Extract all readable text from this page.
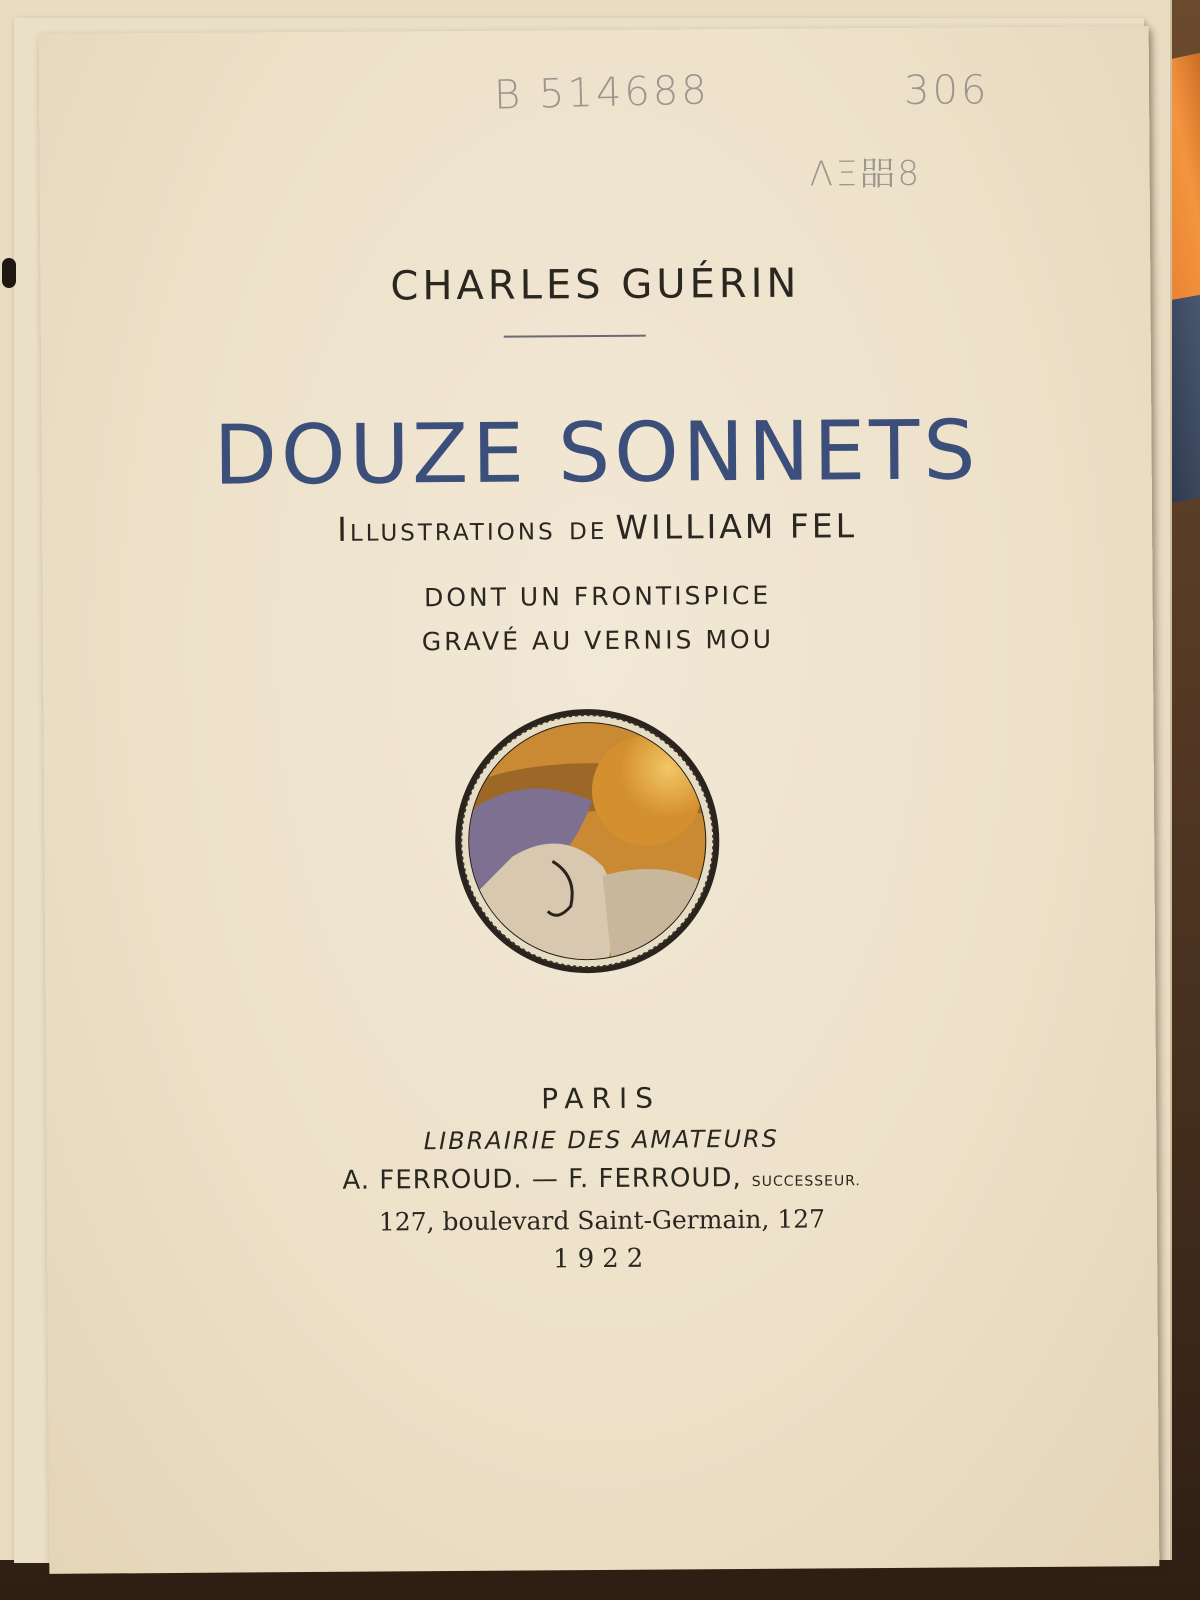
B 514688	306
ΛΞ㗊8
CHARLES GUÉRIN
DOUZE SONNETS
Illustrations de WILLIAM FEL
DONT UN FRONTISPICE
GRAVÉ AU VERNIS MOU
PARIS
LIBRAIRIE DES AMATEURS
A. FERROUD. — F. FERROUD, SUCCESSEUR.
127, boulevard Saint-Germain, 127
1922
